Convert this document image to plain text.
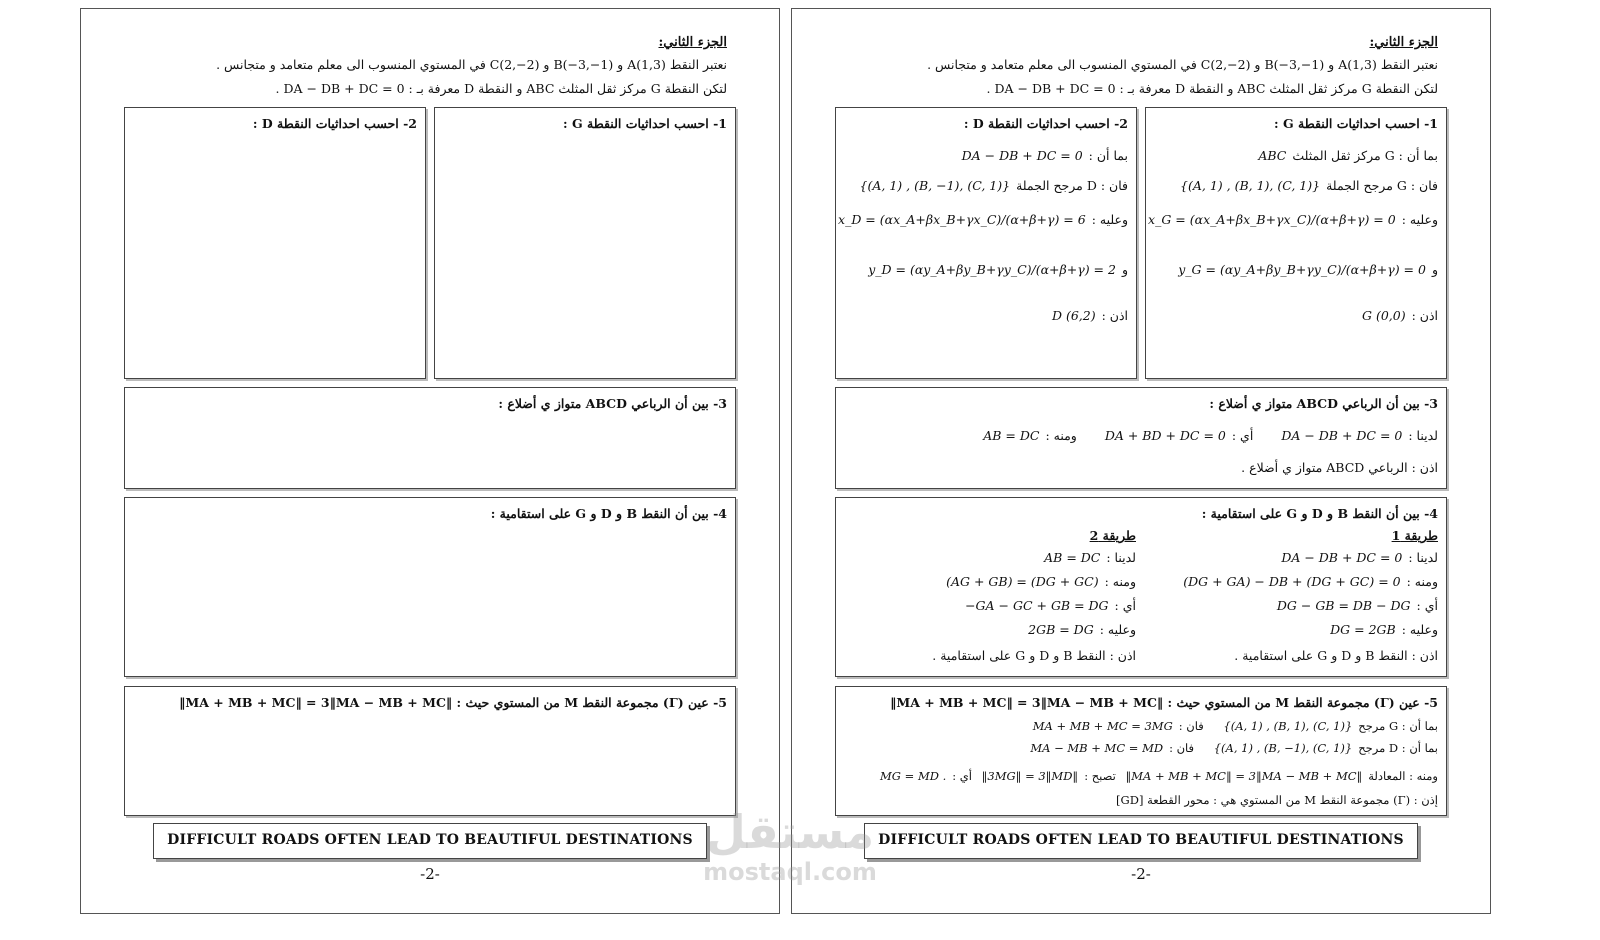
الجزء الثاني:
نعتبر النقط A(1,3) و B(−3,−1) و C(2,−2) في المستوي المنسوب الى معلم متعامد و متجانس .
لتكن النقطة G مركز ثقل المثلث ABC و النقطة D معرفة بـ : DA − DB + DC = 0 .
1- احسب احداثيات النقطة G :
2- احسب احداثيات النقطة D :
3- بين أن الرباعي ABCD متواز ي أضلاع :
4- بين أن النقط B و D و G على استقامية :
5- عين (Γ) مجموعة النقط M من المستوي حيث : ‖MA + MB + MC‖ = 3‖MA − MB + MC‖
DIFFICULT ROADS OFTEN LEAD TO BEAUTIFUL DESTINATIONS
-2-
الجزء الثاني:
نعتبر النقط A(1,3) و B(−3,−1) و C(2,−2) في المستوي المنسوب الى معلم متعامد و متجانس .
لتكن النقطة G مركز ثقل المثلث ABC و النقطة D معرفة بـ : DA − DB + DC = 0 .
1- احسب احداثيات النقطة G :
بما أن : G مركز ثقل المثلثABC
فان : G مرجح الجملة{(A, 1) , (B, 1), (C, 1)}
وعليه :x_G = (αx_A+βx_B+γx_C)/(α+β+γ) = 0
وy_G = (αy_A+βy_B+γy_C)/(α+β+γ) = 0
اذن :G (0,0)
2- احسب احداثيات النقطة D :
بما أن :DA − DB + DC = 0
فان : D مرجح الجملة{(A, 1) , (B, −1), (C, 1)}
وعليه :x_D = (αx_A+βx_B+γx_C)/(α+β+γ) = 6
وy_D = (αy_A+βy_B+γy_C)/(α+β+γ) = 2
اذن :D (6,2)
3- بين أن الرباعي ABCD متواز ي أضلاع :
لدينا :DA − DB + DC = 0 أي :DA + BD + DC = 0 ومنه :AB = DC
اذن : الرباعي ABCD متواز ي أضلاع .
4- بين أن النقط B و D و G على استقامية :
طريقة 1
لدينا :DA − DB + DC = 0
ومنه :(DG + GA) − DB + (DG + GC) = 0
أي :DG − GB = DB − DG
وعليه :DG = 2GB
اذن : النقط B و D و G على استقامية .
طريقة 2
لدينا :AB = DC
ومنه :(AG + GB) = (DG + GC)
أي :−GA − GC + GB = DG
وعليه :2GB = DG
اذن : النقط B و D و G على استقامية .
5- عين (Γ) مجموعة النقط M من المستوي حيث : ‖MA + MB + MC‖ = 3‖MA − MB + MC‖
بما أن : G مرجح{(A, 1) , (B, 1), (C, 1)} فان :MA + MB + MC = 3MG
بما أن : D مرجح{(A, 1) , (B, −1), (C, 1)} فان :MA − MB + MC = MD
ومنه : المعادلة‖MA + MB + MC‖ = 3‖MA − MB + MC‖ تصبح :‖3MG‖ = 3‖MD‖ أي :MG = MD .
إذن : (Γ) مجموعة النقط M من المستوي هي : محور القطعة [GD]
DIFFICULT ROADS OFTEN LEAD TO BEAUTIFUL DESTINATIONS
-2-
مستقل
mostaql.com
